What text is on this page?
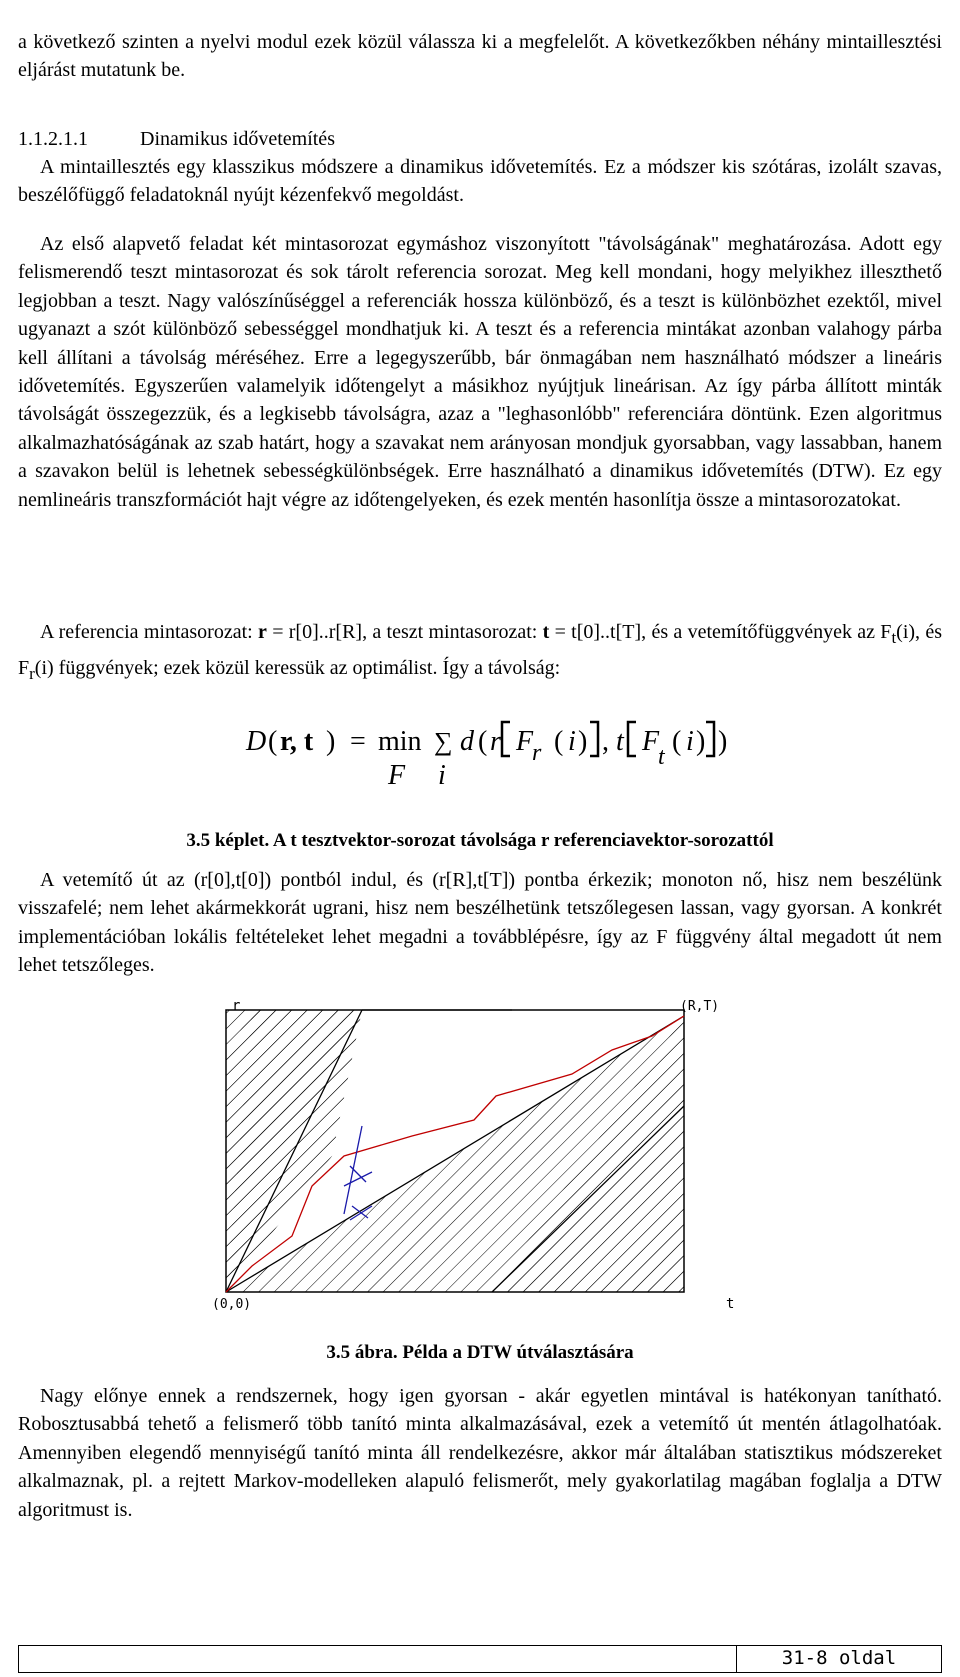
a következő szinten a nyelvi modul ezek közül válassza ki a megfelelőt. A következőkben néhány mintaillesztési eljárást mutatunk be.

1.1.2.1.1	Dinamikus idővetemítés

A mintaillesztés egy klasszikus módszere a dinamikus idővetemítés. Ez a módszer kis szótáras, izolált szavas, beszélőfüggő feladatoknál nyújt kézenfekvő megoldást.

Az első alapvető feladat két mintasorozat egymáshoz viszonyított "távolságának" meghatározása. Adott egy felismerendő teszt mintasorozat és sok tárolt referencia sorozat. Meg kell mondani, hogy melyikhez illeszthető legjobban a teszt. Nagy valószínűséggel a referenciák hossza különböző, és a teszt is különbözhet ezektől, mivel ugyanazt a szót különböző sebességgel mondhatjuk ki. A teszt és a referencia mintákat azonban valahogy párba kell állítani a távolság méréséhez. Erre a legegyszerűbb, bár önmagában nem használható módszer a lineáris idővetemítés. Egyszerűen valamelyik időtengelyt a másikhoz nyújtjuk lineárisan. Az így párba állított minták távolságát összegezzük, és a legkisebb távolságra, azaz a "leghasonlóbb" referenciára döntünk. Ezen algoritmus alkalmazhatóságának az szab határt, hogy a szavakat nem arányosan mondjuk gyorsabban, vagy lassabban, hanem a szavakon belül is lehetnek sebességkülönbségek. Erre használható a dinamikus idővetemítés (DTW). Ez egy nemlineáris transzformációt hajt végre az időtengelyeken, és ezek mentén hasonlítja össze a mintasorozatokat.

A referencia mintasorozat: r = r[0]..r[R], a teszt mintasorozat: t = t[0]..t[T], és a vetemítőfüggvények az $F_t(i)$, és $F_r(i)$ függvények; ezek közül keressük az optimálist. Így a távolság:

D ( r, t ) = min
F
∑
i
d ( r F
r ( i ) , t F
t ( i ) )
3.5 képlet. A t tesztvektor-sorozat távolsága r referenciavektor-sorozattól

A vetemítő út az (r[0],t[0]) pontból indul, és (r[R],t[T]) pontba érkezik; monoton nő, hisz nem beszélünk visszafelé; nem lehet akármekkorát ugrani, hisz nem beszélhetünk tetszőlegesen lassan, vagy gyorsan. A konkrét implementációban lokális feltételeket lehet megadni a továbblépésre, így az F függvény által megadott út nem lehet tetszőleges.

r
t
(0,0)
(R,T)
3.5 ábra. Példa a DTW útválasztására

Nagy előnye ennek a rendszernek, hogy igen gyorsan - akár egyetlen mintával is hatékonyan tanítható. Robosztusabbá tehető a felismerő több tanító minta alkalmazásával, ezek a vetemítő út mentén átlagolhatóak. Amennyiben elegendő mennyiségű tanító minta áll rendelkezésre, akkor már általában statisztikus módszereket alkalmaznak, pl. a rejtett Markov-modelleken alapuló felismerőt, mely gyakorlatilag magában foglalja a DTW algoritmust is.

31-8 oldal
